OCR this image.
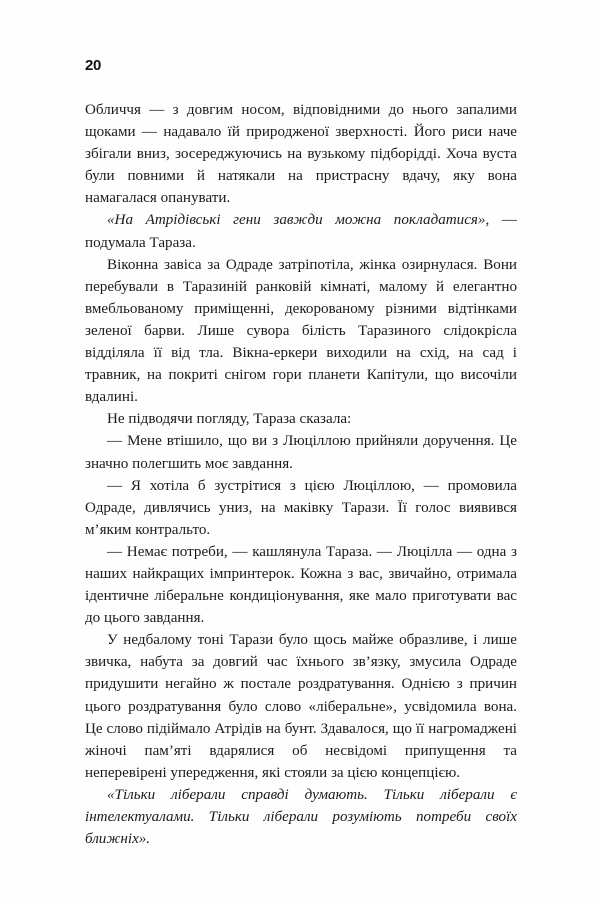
20

Обличчя — з довгим носом, відповідними до нього запалими щоками — надавало їй природженої зверхності. Його риси наче збігали вниз, зосереджуючись на вузькому підборідді. Хоча вуста були повними й натякали на пристрасну вдачу, яку вона намагалася опанувати.

«На Атрідівські гени завжди можна покладатися», — подумала Тараза.

Віконна завіса за Одраде затріпотіла, жінка озирнулася. Вони перебували в Таразиній ранковій кімнаті, малому й елегантно вмебльованому приміщенні, декорованому різними відтінками зеленої барви. Лише сувора білість Таразиного слідокрісла відділяла її від тла. Вікна-еркери виходили на схід, на сад і травник, на покриті снігом гори планети Капітули, що височіли вдалині.

Не підводячи погляду, Тараза сказала:

— Мене втішило, що ви з Люціллою прийняли доручення. Це значно полегшить моє завдання.

— Я хотіла б зустрітися з цією Люціллою, — промовила Одраде, дивлячись униз, на маківку Тарази. Її голос виявився м’яким контральто.

— Немає потреби, — кашлянула Тараза. — Люцілла — одна з наших найкращих імпринтерок. Кожна з вас, звичайно, отримала ідентичне ліберальне кондиціонування, яке мало приготувати вас до цього завдання.

У недбалому тоні Тарази було щось майже образливе, і лише звичка, набута за довгий час їхнього зв’язку, змусила Одраде придушити негайно ж постале роздратування. Однією з причин цього роздратування було слово «ліберальне», усвідомила вона. Це слово підіймало Атрідів на бунт. Здавалося, що її нагромаджені жіночі пам’яті вдарялися об несвідомі припущення та неперевірені упередження, які стояли за цією концепцією.

«Тільки ліберали справді думають. Тільки ліберали є інтелектуалами. Тільки ліберали розуміють потреби своїх ближніх».
